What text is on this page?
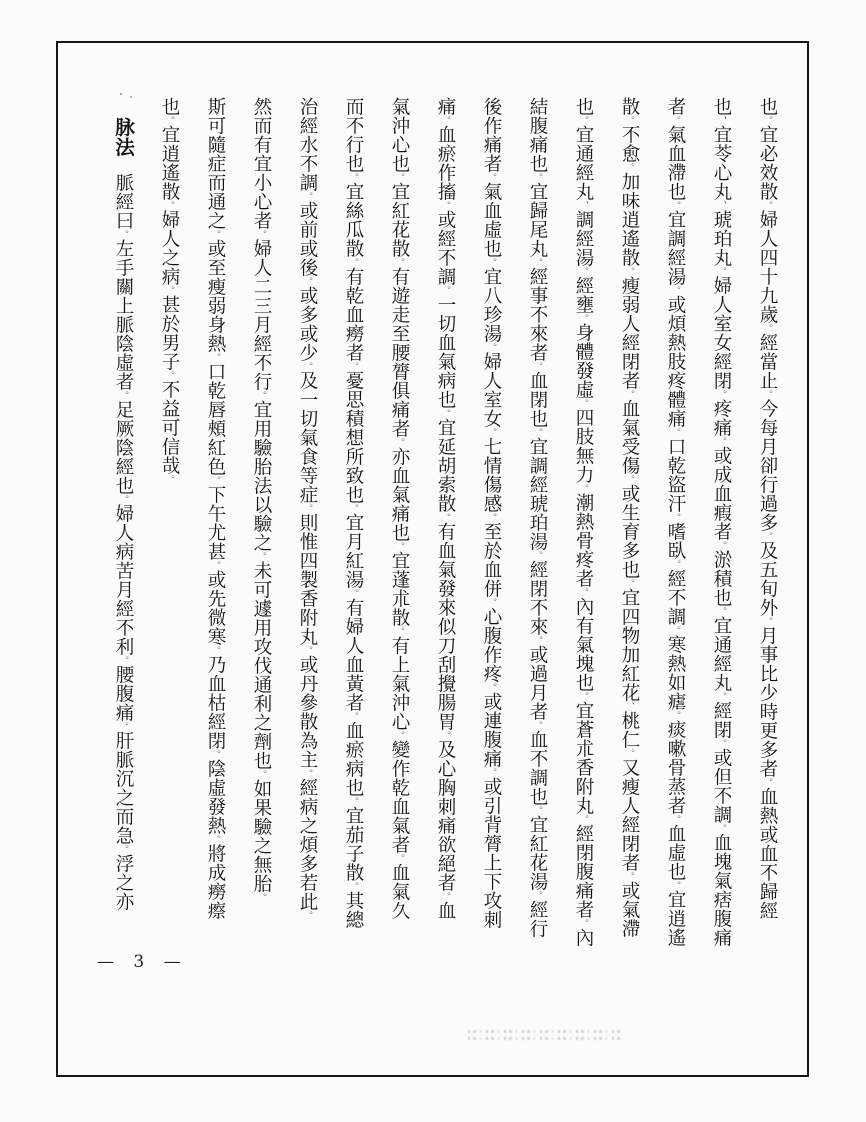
也。宜必效散。婦人四十九歲。經當止。今每月卻行過多。及五旬外。月事比少時更多者。血熱或血不歸經
也，宜苓心丸、琥珀丸。婦人室女經閉。疼痛。或成血瘕者。淤積也。宜通經丸。經閉。或但不調。血塊氣痞腹痛
者。氣血滯也。宜調經湯。或煩熱肢疼體痛。口乾盜汗。嗜臥。經不調。寒熱如瘧。痰嗽骨蒸者。血虛也。宜逍遙
散。不愈。加味逍遙散。瘦弱人經閉者。血氣受傷。或生育多也。宜四物加紅花、桃仁。又瘦人經閉者。或氣滯
也。宜通經丸、調經湯。經壅。身體發虛。四肢無力。潮熱骨疼者。內有氣塊也。宜蒼朮香附丸。經閉腹痛者。內
結腹痛也。宜歸尾丸。經事不來者。血閉也。宜調經琥珀湯。經閉不來。或過月者。血不調也。宜紅花湯。經行
後作痛者。氣血虛也。宜八珍湯。婦人室女。七情傷感。至於血併。心腹作疼。或連腹痛。或引背膂上下攻刺
痛。血瘀作搐。或經不調。一切血氣病也。宜延胡索散。有血氣發來似刀刮攪腸胃。及心胸刺痛欲絕者。血
氣沖心也。宜紅花散。有遊走至腰膂俱痛者。亦血氣痛也。宜蓬朮散。有上氣沖心。變作乾血氣者。血氣久
而不行也。宜絲瓜散。有乾血癆者。憂思積想所致也。宜月紅湯。有婦人血黃者。血瘀病也。宜茄子散。其總
治經水不調。或前或後。或多或少。及一切氣食等症。則惟四製香附丸。或丹參散為主。經病之煩多若此。
然而有宜小心者。婦人二三月經不行。宜用驗胎法以驗之。未可遽用攻伐通利之劑也。如果驗之無胎。
斯可隨症而通之。或至瘦弱身熱。口乾唇頰紅色。下午尤甚。或先微寒。乃血枯經閉。陰虛發熱。將成癆瘵
也。宜逍遙散。婦人之病。甚於男子。不益可信哉。
脉法脈經曰。左手關上脈陰虛者。足厥陰經也。婦人病苦月經不利。腰腹痛。肝脈沉之而急。浮之亦
— 3 —
